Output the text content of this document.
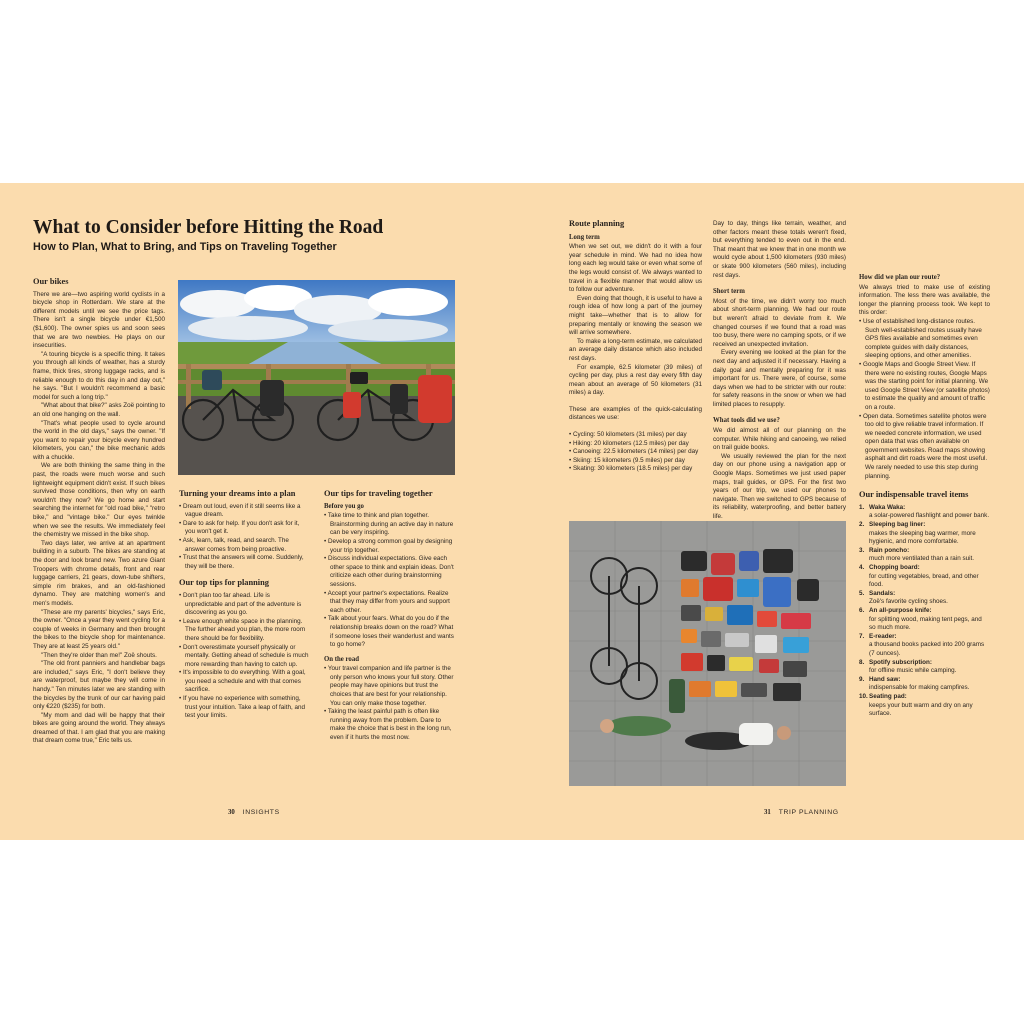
What to Consider before Hitting the Road
How to Plan, What to Bring, and Tips on Traveling Together
Our bikes

There we are—two aspiring world cyclists in a bicycle shop in Rotterdam. We stare at the different models until we see the price tags. There isn't a single bicycle under €1,500 ($1,600). The owner spies us and soon sees that we are two newbies. He plays on our insecurities.

"A touring bicycle is a specific thing. It takes you through all kinds of weather, has a sturdy frame, thick tires, strong luggage racks, and is reliable enough to do this day in and day out," he says. "But I wouldn't recommend a basic model for such a long trip."

"What about that bike?" asks Zoë pointing to an old one hanging on the wall.

"That's what people used to cycle around the world in the old days," says the owner. "If you want to repair your bicycle every hundred kilometers, you can," the bike mechanic adds with a chuckle.

We are both thinking the same thing in the past, the roads were much worse and such lightweight equipment didn't exist. If such bikes survived those conditions, then why on earth wouldn't they now? We go home and start searching the internet for "old road bike," "retro bike," and "vintage bike." Our eyes twinkle when we see the results. We immediately feel the chemistry we missed in the bike shop.

Two days later, we arrive at an apartment building in a suburb. The bikes are standing at the door and look brand new. Two azure Giant Troopers with chrome details, front and rear luggage carriers, 21 gears, down-tube shifters, simple rim brakes, and an old-fashioned dynamo. They are matching women's and men's models.

"These are my parents' bicycles," says Eric, the owner. "Once a year they went cycling for a couple of weeks in Germany and then brought the bikes to the bicycle shop for maintenance. They are at least 25 years old."

"Then they're older than me!" Zoë shouts.

"The old front panniers and handlebar bags are included," says Eric, "I don't believe they are waterproof, but maybe they will come in handy." Ten minutes later we are standing with the bicycles by the trunk of our car having paid only €220 ($235) for both.

"My mom and dad will be happy that their bikes are going around the world. They always dreamed of that. I am glad that you are making that dream come true," Eric tells us.

Turning your dreams into a plan
• Dream out loud, even if it still seems like a vague dream.
• Dare to ask for help. If you don't ask for it, you won't get it.
• Ask, learn, talk, read, and search. The answer comes from being proactive.
• Trust that the answers will come. Suddenly, they will be there.
Our top tips for planning
• Don't plan too far ahead. Life is unpredictable and part of the adventure is discovering as you go.
• Leave enough white space in the planning. The further ahead you plan, the more room there should be for flexibility.
• Don't overestimate yourself physically or mentally. Getting ahead of schedule is much more rewarding than having to catch up.
• It's impossible to do everything. With a goal, you need a schedule and with that comes sacrifice.
• If you have no experience with something, trust your intuition. Take a leap of faith, and test your limits.
Our tips for traveling together
Before you go
• Take time to think and plan together. Brainstorming during an active day in nature can be very inspiring.
• Develop a strong common goal by designing your trip together.
• Discuss individual expectations. Give each other space to think and explain ideas. Don't criticize each other during brainstorming sessions.
• Accept your partner's expectations. Realize that they may differ from yours and support each other.
• Talk about your fears. What do you do if the relationship breaks down on the road? What if someone loses their wanderlust and wants to go home?
On the road
• Your travel companion and life partner is the only person who knows your full story. Other people may have opinions but trust the choices that are best for your relationship. You can only make those together.
• Taking the least painful path is often like running away from the problem. Dare to make the choice that is best in the long run, even if it hurts the most now.
30 INSIGHTS
Route planning
Long term

When we set out, we didn't do it with a four year schedule in mind. We had no idea how long each leg would take or even what some of the legs would consist of. We always wanted to travel in a flexible manner that would allow us to follow our adventure.

Even doing that though, it is useful to have a rough idea of how long a part of the journey might take—whether that is to allow for preparing mentally or knowing the season we will arrive somewhere.

To make a long-term estimate, we calculated an average daily distance which also included rest days.

For example, 62.5 kilometer (39 miles) of cycling per day, plus a rest day every fifth day mean about an average of 50 kilometers (31 miles) a day.

These are examples of the quick-calculating distances we use:

• Cycling: 50 kilometers (31 miles) per day
• Hiking: 20 kilometers (12.5 miles) per day
• Canoeing: 22.5 kilometers (14 miles) per day
• Skiing: 15 kilometers (9.5 miles) per day
• Skating: 30 kilometers (18.5 miles) per day

Day to day, things like terrain, weather, and other factors meant these totals weren't fixed, but everything tended to even out in the end. That meant that we knew that in one month we would cycle about 1,500 kilometers (930 miles) or skate 900 kilometers (560 miles), including rest days.

Short term

Most of the time, we didn't worry too much about short-term planning. We had our route but weren't afraid to deviate from it. We changed courses if we found that a road was too busy, there were no camping spots, or if we received an unexpected invitation.

Every evening we looked at the plan for the next day and adjusted it if necessary. Having a daily goal and mentally preparing for it was important for us. There were, of course, some days when we had to be stricter with our route: for safety reasons in the snow or when we had limited places to resupply.

What tools did we use?

We did almost all of our planning on the computer. While hiking and canoeing, we relied on trail guide books.

We usually reviewed the plan for the next day on our phone using a navigation app or Google Maps. Sometimes we just used paper maps, trail guides, or GPS. For the first two years of our trip, we used our phones to navigate. Then we switched to GPS because of its reliability, waterproofing, and better battery life.

How did we plan our route?

We always tried to make use of existing information. The less there was available, the longer the planning process took. We kept to this order:

• Use of established long-distance routes. Such well-established routes usually have GPS files available and sometimes even complete guides with daily distances, sleeping options, and other amenities.
• Google Maps and Google Street View. If there were no existing routes, Google Maps was the starting point for initial planning. We used Google Street View (or satellite photos) to estimate the quality and amount of traffic on a route.
• Open data. Sometimes satellite photos were too old to give reliable travel information. If we needed concrete information, we used open data that was often available on government websites. Road maps showing asphalt and dirt roads were the most useful. We rarely needed to use this step during planning.
Our indispensable travel items
1. Waka Waka:
a solar-powered flashlight and power bank.
2. Sleeping bag liner:
makes the sleeping bag warmer, more hygienic, and more comfortable.
3. Rain poncho:
much more ventilated than a rain suit.
4. Chopping board:
for cutting vegetables, bread, and other food.
5. Sandals:
Zoë's favorite cycling shoes.
6. An all-purpose knife:
for splitting wood, making tent pegs, and so much more.
7. E-reader:
a thousand books packed into 200 grams (7 ounces).
8. Spotify subscription:
for offline music while camping.
9. Hand saw:
indispensable for making campfires.
10. Seating pad:
keeps your butt warm and dry on any surface.
31 TRIP PLANNING
